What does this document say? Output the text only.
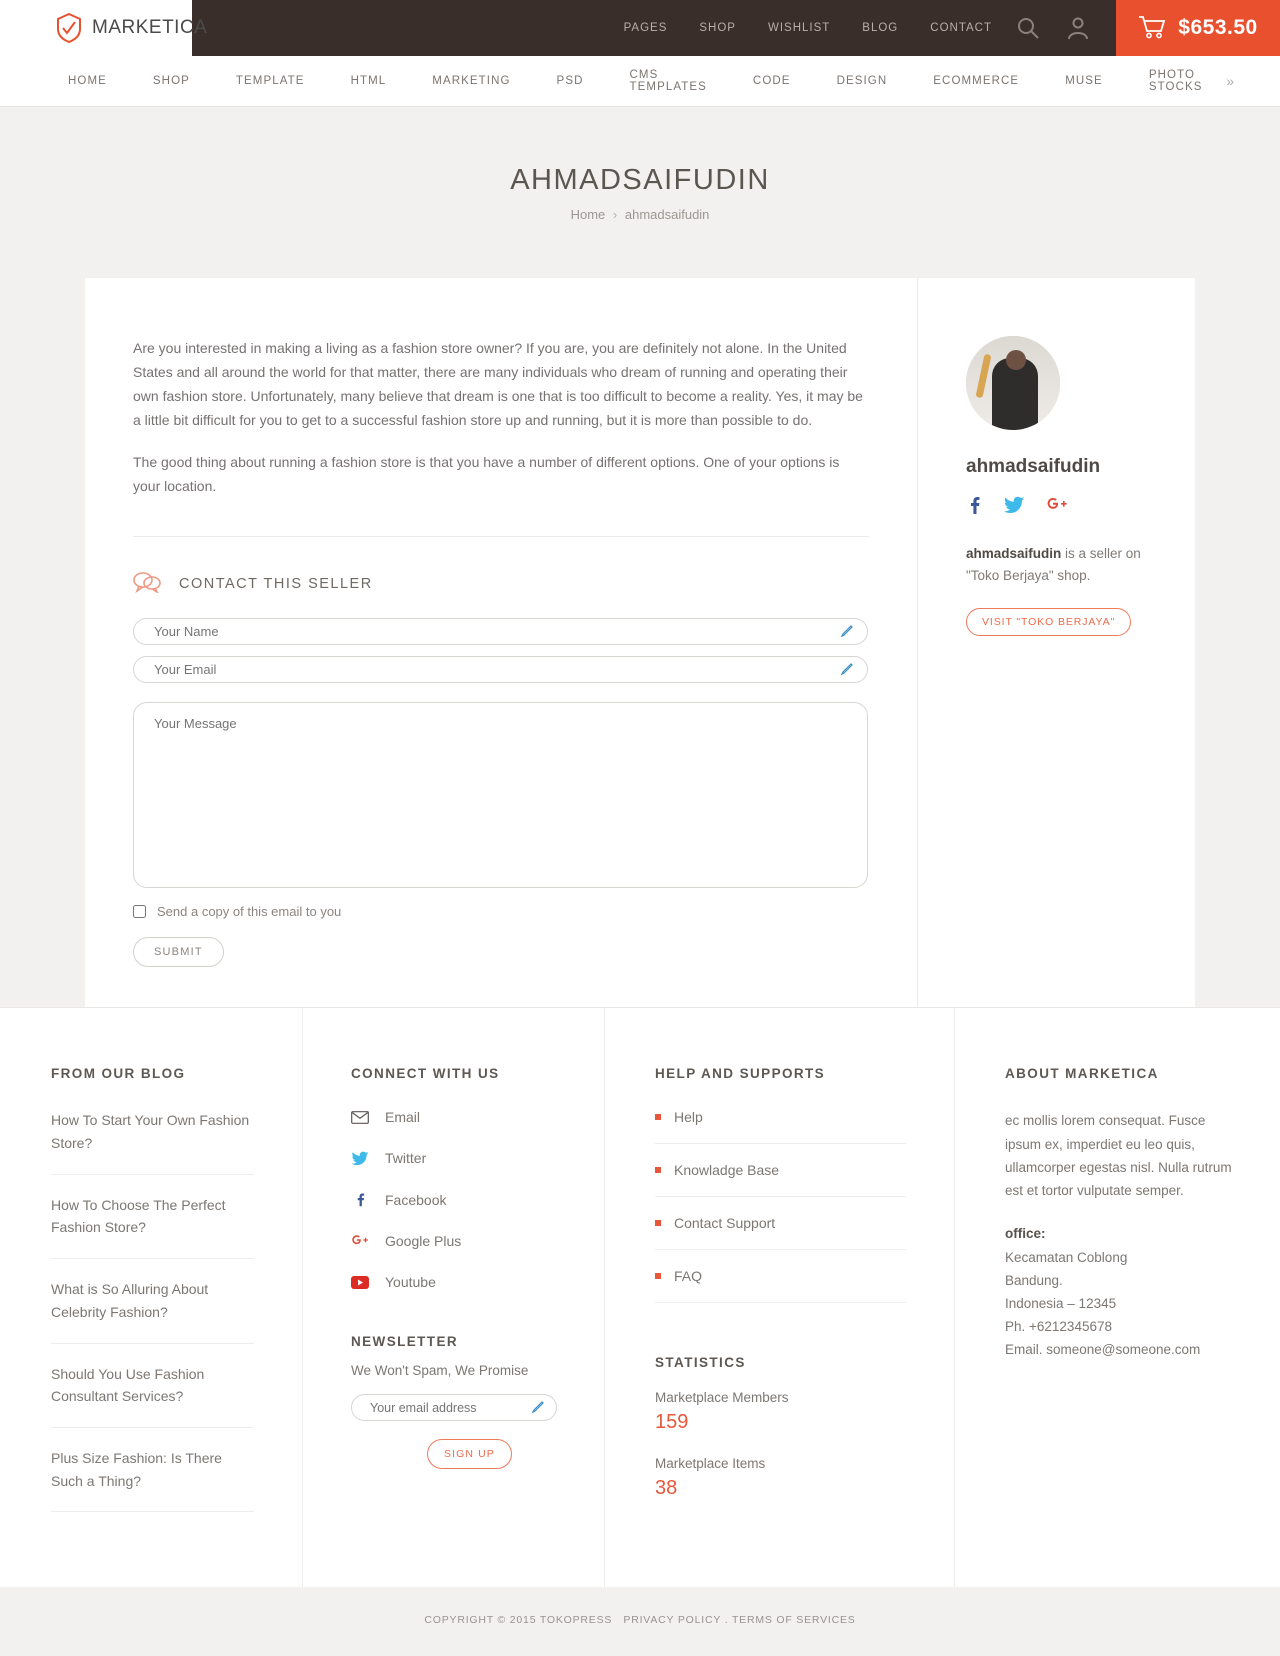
MARKETICA	PAGES	SHOP	WISHLIST	BLOG	CONTACT	$653.50
HOME	SHOP	TEMPLATE	HTML	MARKETING	PSD	CMS TEMPLATES	CODE	DESIGN	ECOMMERCE	MUSE	PHOTO STOCKS	»
AHMADSAIFUDIN
Home › ahmadsaifudin

Are you interested in making a living as a fashion store owner? If you are, you are definitely not alone. In the United States and all around the world for that matter, there are many individuals who dream of running and operating their own fashion store. Unfortunately, many believe that dream is one that is too difficult to become a reality. Yes, it may be a little bit difficult for you to get to a successful fashion store up and running, but it is more than possible to do.

The good thing about running a fashion store is that you have a number of different options. One of your options is your location.

CONTACT THIS SELLER
Your Name
Your Email
Your Message
Send a copy of this email to you
SUBMIT
ahmadsaifudin

ahmadsaifudin is a seller on "Toko Berjaya" shop.

VISIT "TOKO BERJAYA"
FROM OUR BLOG
How To Start Your Own Fashion Store?
How To Choose The Perfect Fashion Store?
What is So Alluring About Celebrity Fashion?
Should You Use Fashion Consultant Services?
Plus Size Fashion: Is There Such a Thing?
CONNECT WITH US
Email
Twitter
Facebook
Google Plus
Youtube
NEWSLETTER
We Won't Spam, We Promise
Your email address
SIGN UP
HELP AND SUPPORTS
Help
Knowladge Base
Contact Support
FAQ
STATISTICS
Marketplace Members
159
Marketplace Items
38
ABOUT MARKETICA

ec mollis lorem consequat. Fusce ipsum ex, imperdiet eu leo quis, ullamcorper egestas nisl. Nulla rutrum est et tortor vulputate semper.

office:
Kecamatan Coblong
Bandung.
Indonesia – 12345
Ph. +6212345678
Email. someone@someone.com

COPYRIGHT © 2015 TOKOPRESS PRIVACY POLICY . TERMS OF SERVICES
